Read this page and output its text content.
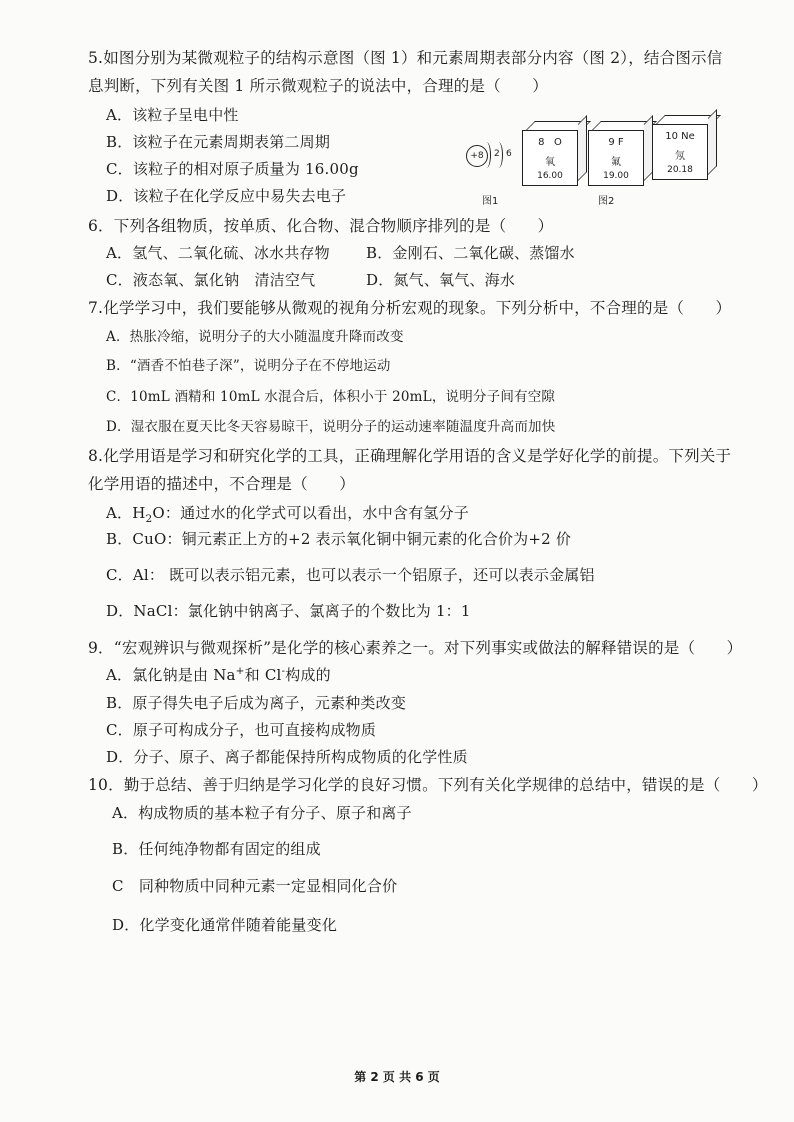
5.如图分别为某微观粒子的结构示意图（图 1）和元素周期表部分内容（图 2），结合图示信
息判断，下列有关图 1 所示微观粒子的说法中，合理的是（　　）
A．该粒子呈电中性
B．该粒子在元素周期表第二周期
C．该粒子的相对原子质量为 16.00g
D．该粒子在化学反应中易失去电子
+8	2 6
图1
8 O
氧
16.00
9 F
氟
19.00
10 Ne
氖
20.18
图2
6．下列各组物质，按单质、化合物、混合物顺序排列的是（　　）
A．氢气、二氧化硫、冰水共存物 B．金刚石、二氧化碳、蒸馏水
C．液态氧、氯化钠　清洁空气	D．氮气、氧气、海水
7.化学学习中，我们要能够从微观的视角分析宏观的现象。下列分析中，不合理的是（　　）
A．热胀冷缩，说明分子的大小随温度升降而改变
B．“酒香不怕巷子深”，说明分子在不停地运动
C．10mL 酒精和 10mL 水混合后，体积小于 20mL，说明分子间有空隙
D．湿衣服在夏天比冬天容易晾干，说明分子的运动速率随温度升高而加快
8.化学用语是学习和研究化学的工具，正确理解化学用语的含义是学好化学的前提。下列关于
化学用语的描述中，不合理是（　　）
A．$H_2O$：通过水的化学式可以看出，水中含有氢分子
B．CuO：铜元素正上方的+2 表示氧化铜中铜元素的化合价为+2 价
C．Al： 既可以表示铝元素，也可以表示一个铝原子，还可以表示金属铝
D．NaCl：氯化钠中钠离子、氯离子的个数比为 1：1
9．“宏观辨识与微观探析”是化学的核心素养之一。对下列事实或做法的解释错误的是（　　）
A．氯化钠是由 Na+和 Cl-构成的
B．原子得失电子后成为离子，元素种类改变
C．原子可构成分子，也可直接构成物质
D．分子、原子、离子都能保持所构成物质的化学性质
10．勤于总结、善于归纳是学习化学的良好习惯。下列有关化学规律的总结中，错误的是（　　）
A．构成物质的基本粒子有分子、原子和离子
B．任何纯净物都有固定的组成
C　同种物质中同种元素一定显相同化合价
D．化学变化通常伴随着能量变化
第 2 页 共 6 页
